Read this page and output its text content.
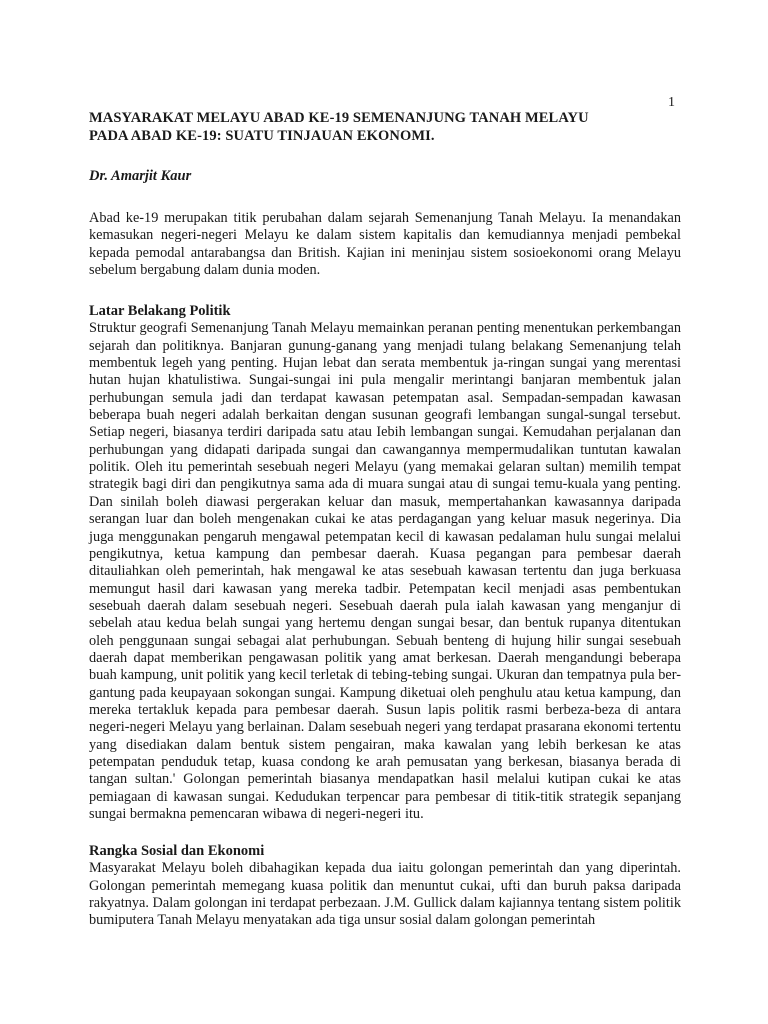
1
MASYARAKAT MELAYU ABAD KE-19 SEMENANJUNG TANAH MELAYU
PADA ABAD KE-19: SUATU TINJAUAN EKONOMI.
Dr. Amarjit Kaur

Abad ke-19 merupakan titik perubahan dalam sejarah Semenanjung Tanah Melayu. Ia menandakan kemasukan negeri-negeri Melayu ke dalam sistem kapitalis dan kemudiannya menjadi pembekal kepada pemodal antarabangsa dan British. Kajian ini meninjau sistem sosioekonomi orang Melayu sebelum bergabung dalam dunia moden.

Latar Belakang Politik

Struktur geografi Semenanjung Tanah Melayu memainkan peranan penting menentukan perkembangan sejarah dan politiknya. Banjaran gunung-ganang yang menjadi tulang belakang Semenanjung telah membentuk legeh yang penting. Hujan lebat dan serata membentuk ja-ringan sungai yang merentasi hutan hujan khatulistiwa. Sungai-sungai ini pula mengalir merintangi banjaran membentuk jalan perhubungan semula jadi dan terdapat kawasan petempatan asal. Sempadan-sempadan kawasan beberapa buah negeri adalah berkaitan dengan susunan geografi lembangan sungal-sungal tersebut. Setiap negeri, biasanya terdiri daripada satu atau Iebih lembangan sungai. Kemudahan perjalanan dan perhubungan yang didapati daripada sungai dan cawangannya mempermudalikan tuntutan kawalan politik. Oleh itu pemerintah sesebuah negeri Melayu (yang memakai gelaran sultan) memilih tempat strategik bagi diri dan pengikutnya sama ada di muara sungai atau di sungai temu-kuala yang penting. Dan sinilah boleh diawasi pergerakan keluar dan masuk, mempertahankan kawasannya daripada serangan luar dan boleh mengenakan cukai ke atas perdagangan yang keluar masuk negerinya. Dia juga menggunakan pengaruh mengawal petempatan kecil di kawasan pedalaman hulu sungai melalui pengikutnya, ketua kampung dan pembesar daerah. Kuasa pegangan para pembesar daerah ditauliahkan oleh pemerintah, hak mengawal ke atas sesebuah kawasan tertentu dan juga berkuasa memungut hasil dari kawasan yang mereka tadbir. Petempatan kecil menjadi asas pembentukan sesebuah daerah dalam sesebuah negeri. Sesebuah daerah pula ialah kawasan yang menganjur di sebelah atau kedua belah sungai yang hertemu dengan sungai besar, dan bentuk rupanya ditentukan oleh penggunaan sungai sebagai alat perhubungan. Sebuah benteng di hujung hilir sungai sesebuah daerah dapat memberikan pengawasan politik yang amat berkesan. Daerah mengandungi beberapa buah kampung, unit politik yang kecil terletak di tebing-tebing sungai. Ukuran dan tempatnya pula ber-gantung pada keupayaan sokongan sungai. Kampung diketuai oleh penghulu atau ketua kampung, dan mereka tertakluk kepada para pembesar daerah. Susun lapis politik rasmi berbeza-beza di antara negeri-negeri Melayu yang berlainan. Dalam sesebuah negeri yang terdapat prasarana ekonomi tertentu yang disediakan dalam bentuk sistem pengairan, maka kawalan yang lebih berkesan ke atas petempatan penduduk tetap, kuasa condong ke arah pemusatan yang berkesan, biasanya berada di tangan sultan.' Golongan pemerintah biasanya mendapatkan hasil melalui kutipan cukai ke atas pemiagaan di kawasan sungai. Kedudukan terpencar para pembesar di titik-titik strategik sepanjang sungai bermakna pemencaran wibawa di negeri-negeri itu.

Rangka Sosial dan Ekonomi

Masyarakat Melayu boleh dibahagikan kepada dua iaitu golongan pemerintah dan yang diperintah. Golongan pemerintah memegang kuasa politik dan menuntut cukai, ufti dan buruh paksa daripada rakyatnya. Dalam golongan ini terdapat perbezaan. J.M. Gullick dalam kajiannya tentang sistem politik bumiputera Tanah Melayu menyatakan ada tiga unsur sosial dalam golongan pemerintah
